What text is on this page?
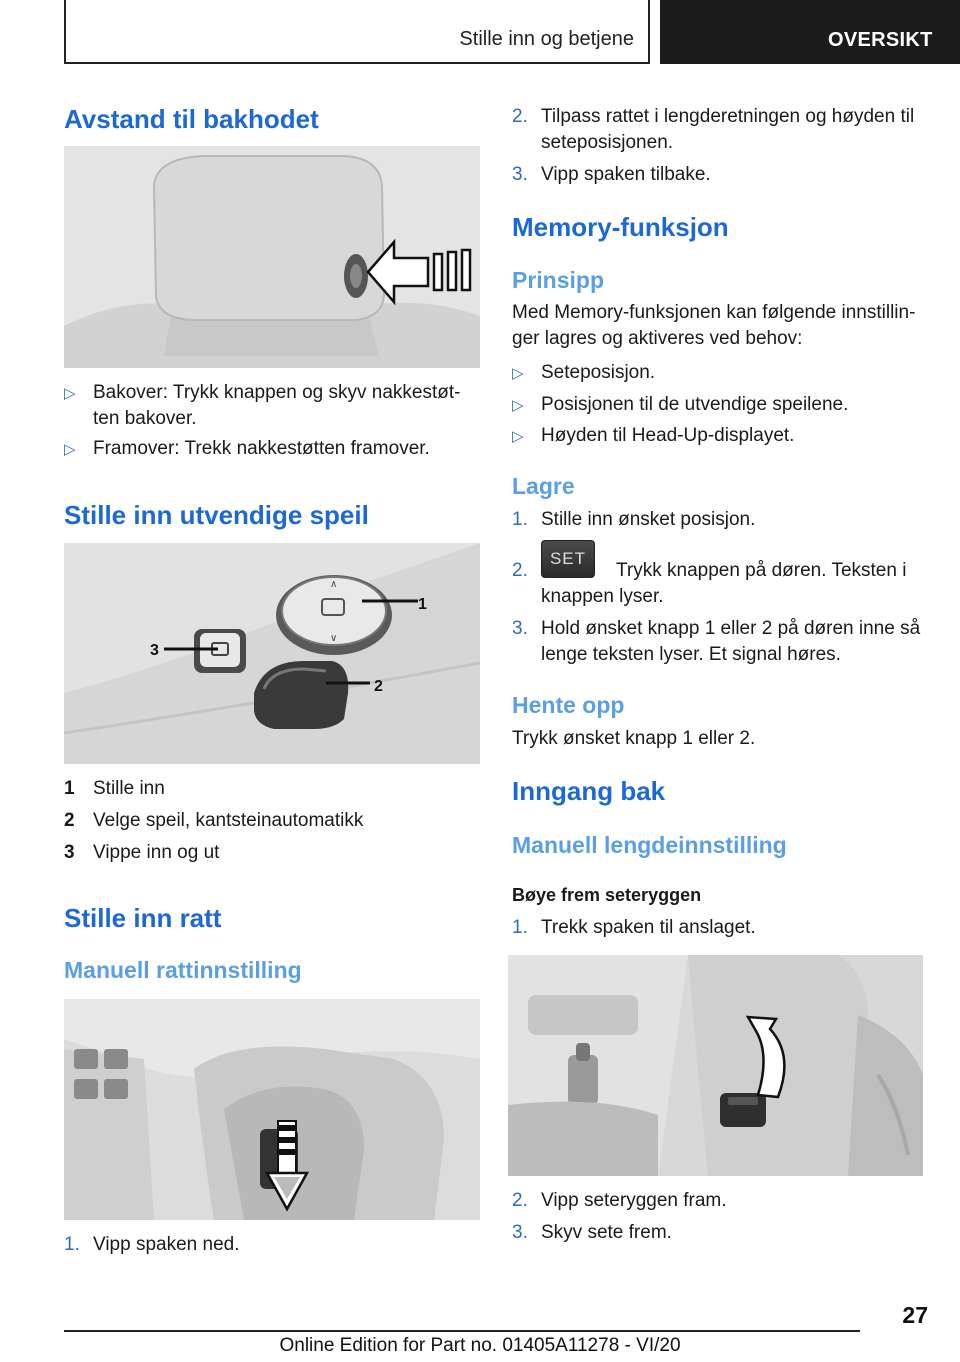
Stille inn og betjene	OVERSIKT
Avstand til bakhodet
▷ Bakover: Trykk knappen og skyv nakkestøt-
ten bakover.
▷ Framover: Trekk nakkestøtten framover.
Stille inn utvendige speil
∧
∨
1
2
3
1 Stille inn
2 Velge speil, kantsteinautomatikk
3 Vippe inn og ut
Stille inn ratt
Manuell rattinnstilling
1. Vipp spaken ned.
2. Tilpass rattet i lengderetningen og høyden til
seteposisjonen.
3. Vipp spaken tilbake.
Memory-funksjon
Prinsipp
Med Memory-funksjonen kan følgende innstillin-
ger lagres og aktiveres ved behov:
▷ Seteposisjon.
▷ Posisjonen til de utvendige speilene.
▷ Høyden til Head-Up-displayet.
Lagre
1. Stille inn ønsket posisjon.
2.
SET
Trykk knappen på døren. Teksten i
knappen lyser.
3. Hold ønsket knapp 1 eller 2 på døren inne så
lenge teksten lyser. Et signal høres.
Hente opp
Trykk ønsket knapp 1 eller 2.
Inngang bak
Manuell lengdeinnstilling
Bøye frem seteryggen
1. Trekk spaken til anslaget.
2. Vipp seteryggen fram.
3. Skyv sete frem.
27
Online Edition for Part no. 01405A11278 - VI/20
